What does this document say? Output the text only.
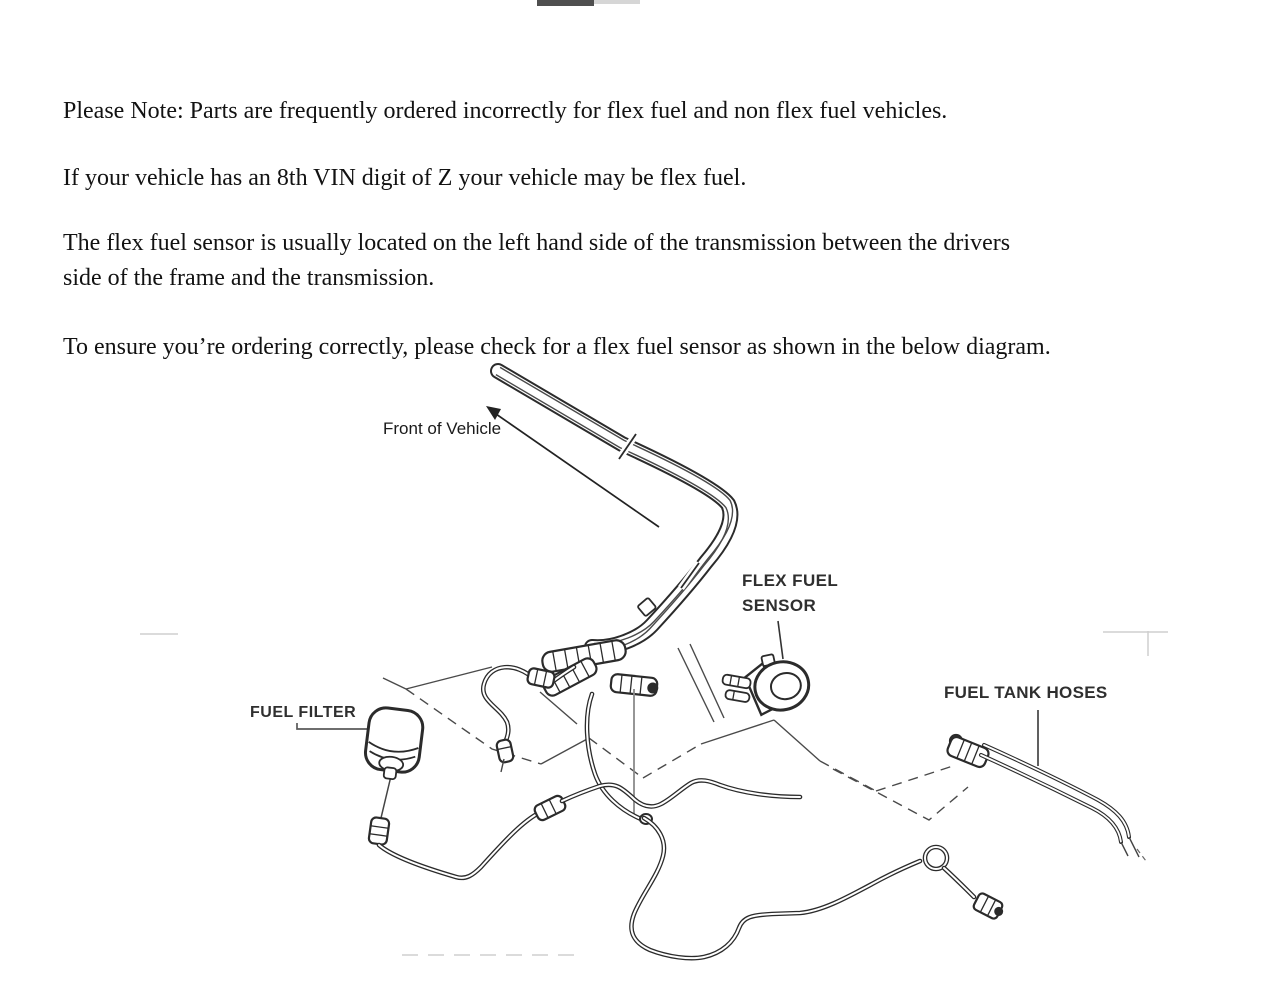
Please Note: Parts are frequently ordered incorrectly for flex fuel and non flex fuel vehicles.

If your vehicle has an 8th VIN digit of Z your vehicle may be flex fuel.

The flex fuel sensor is usually located on the left hand side of the transmission between the drivers
side of the frame and the transmission.

To ensure you’re ordering correctly, please check for a flex fuel sensor as shown in the below diagram.

Front of Vehicle
FLEX FUEL
SENSOR
FUEL TANK HOSES
FUEL FILTER
